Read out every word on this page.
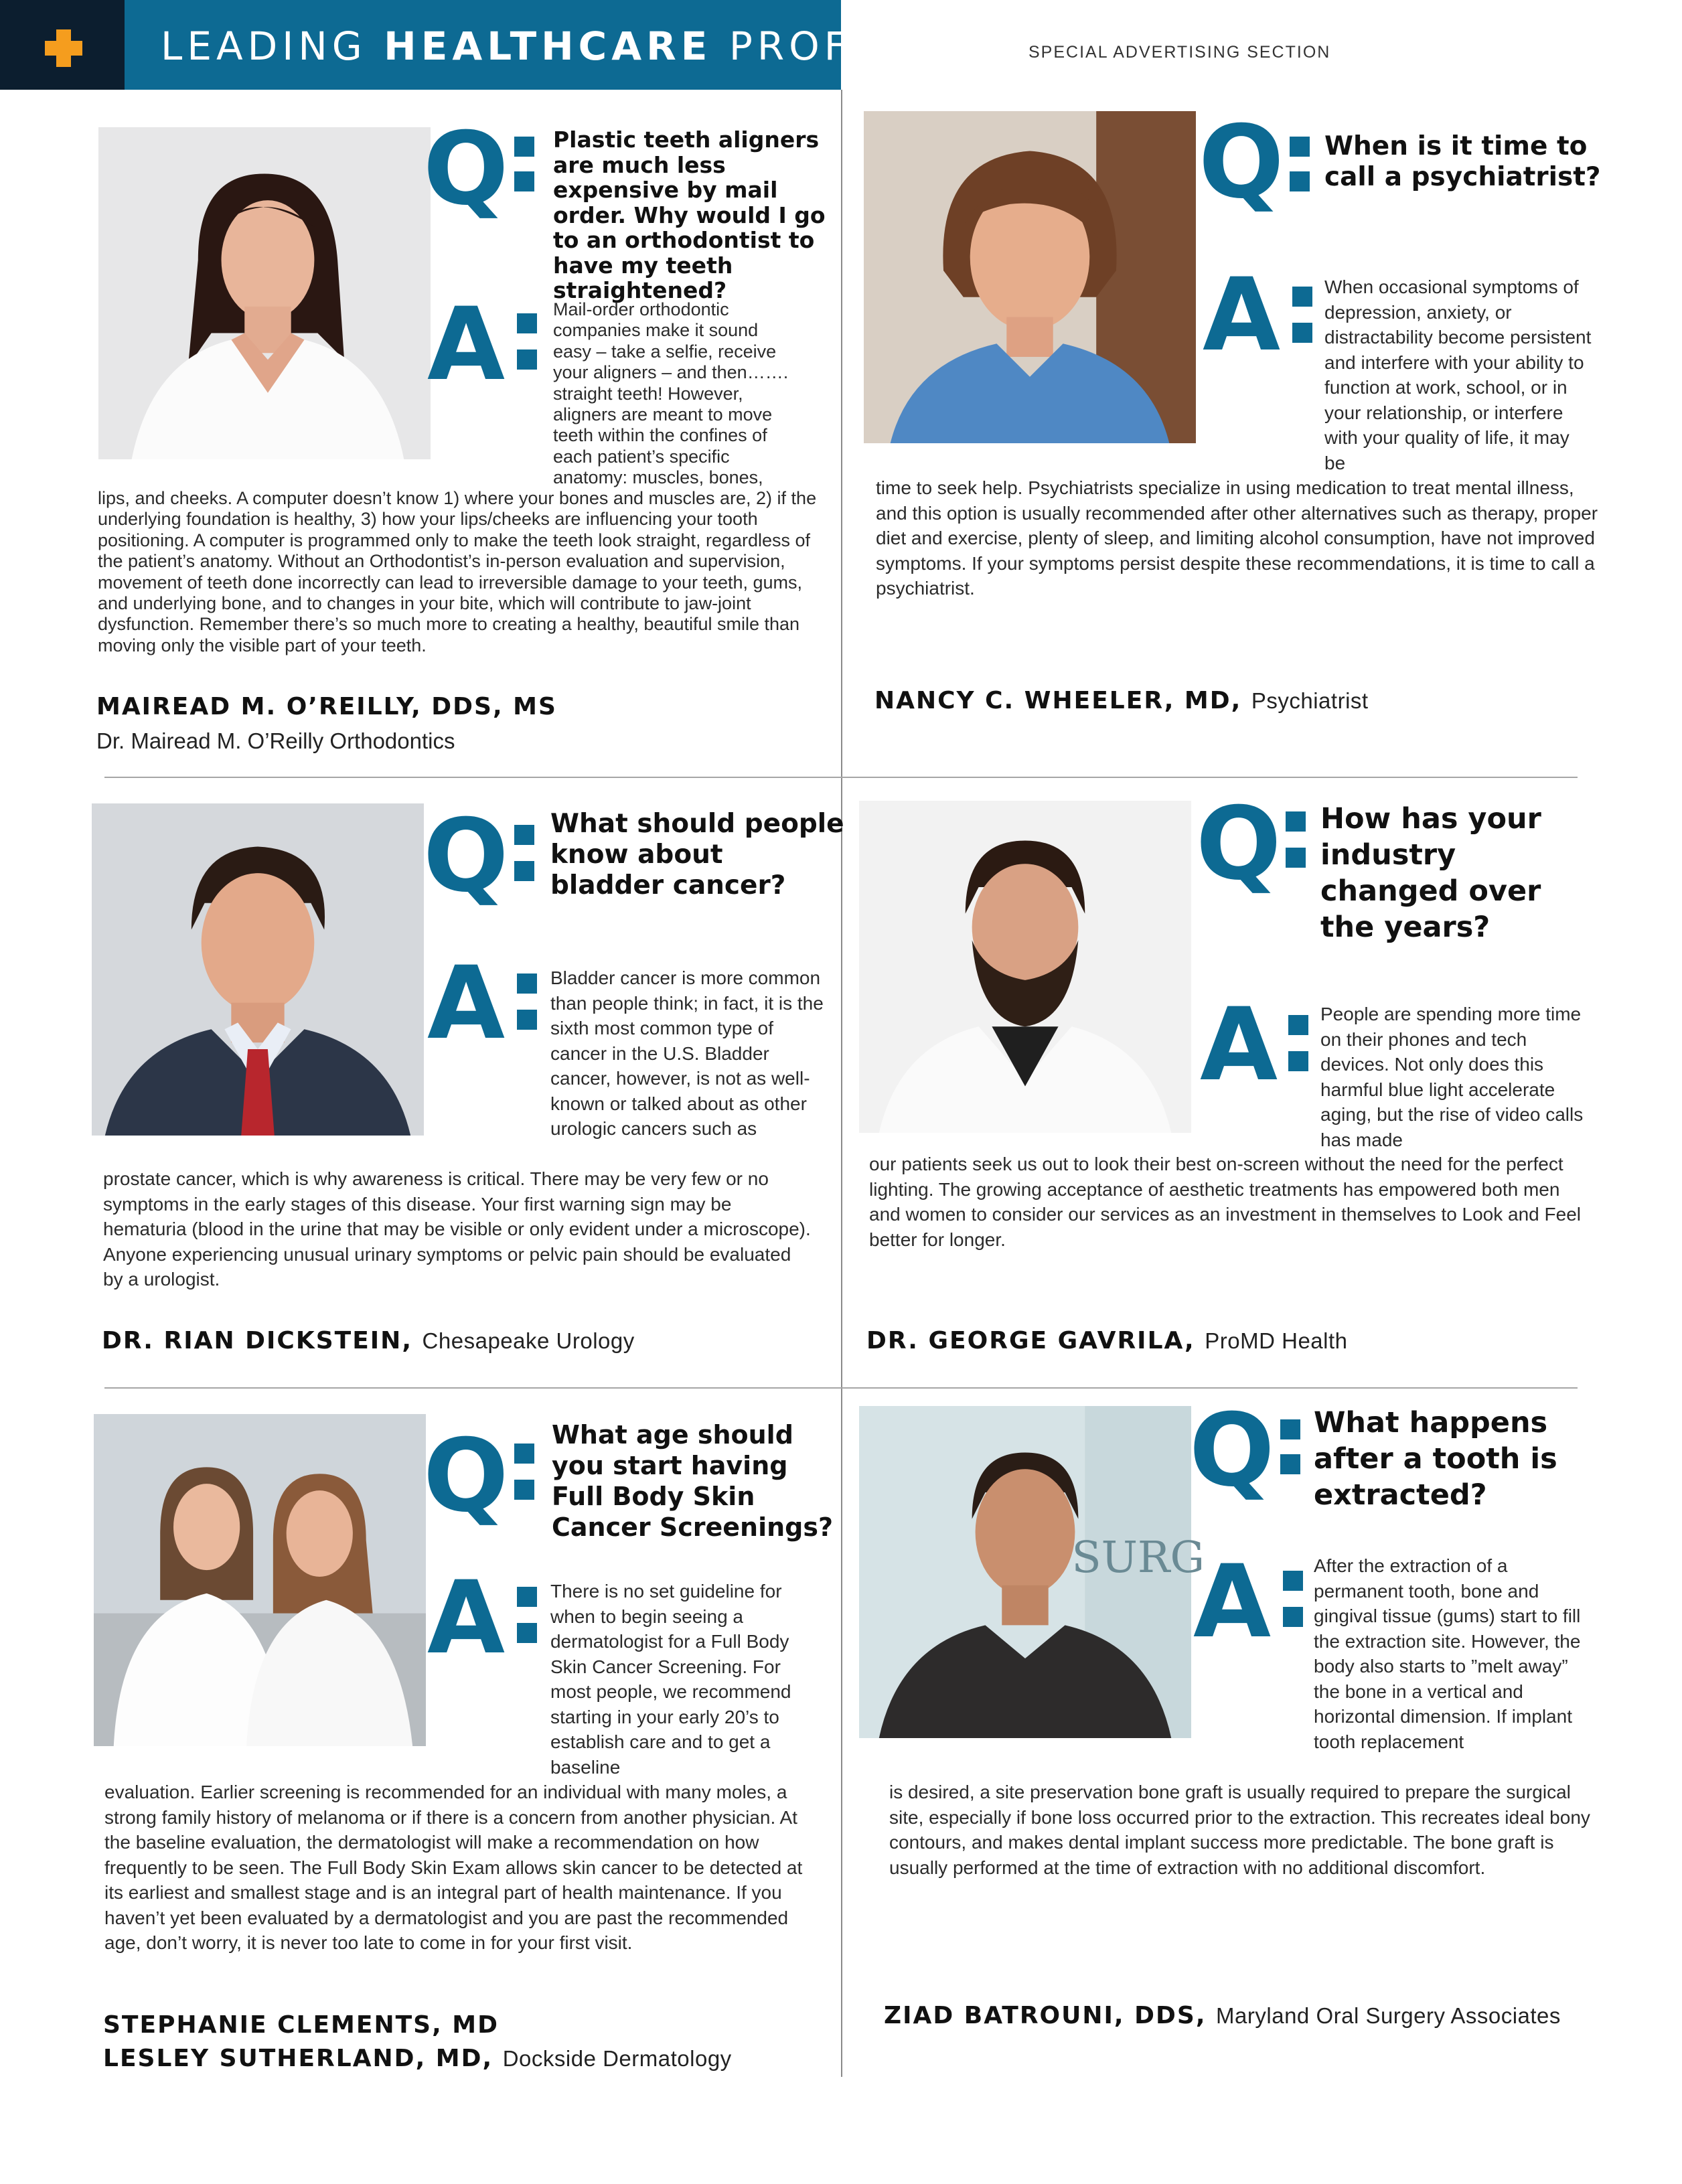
LEADING HEALTHCARE PROFESSIONALS
SPECIAL ADVERTISING SECTION
Q Plastic teeth aligners are much less expensive by mail order. Why would I go to an orthodontist to have my teeth straightened?

A	Mail-order orthodontic companies make it sound easy – take a selfie, receive your aligners – and then……. straight teeth! However, aligners are meant to move teeth within the confines of each patient’s specific anatomy: muscles, bones,

lips, and cheeks. A computer doesn’t know 1) where your bones and muscles are, 2) if the underlying foundation is healthy, 3) how your lips/cheeks are influencing your tooth positioning. A computer is programmed only to make the teeth look straight, regardless of the patient’s anatomy. Without an Orthodontist’s in-person evaluation and supervision, movement of teeth done incorrectly can lead to irreversible damage to your teeth, gums, and underlying bone, and to changes in your bite, which will contribute to jaw-joint dysfunction. Remember there’s so much more to creating a healthy, beautiful smile than moving only the visible part of your teeth.

MAIREAD M. O’REILLY, DDS, MS

Dr. Mairead M. O’Reilly Orthodontics

Q When is it time to call a psychiatrist?

A	When occasional symptoms of depression, anxiety, or distractability become persistent and interfere with your ability to function at work, school, or in your relationship, or interfere with your quality of life, it may be

time to seek help. Psychiatrists specialize in using medication to treat mental illness, and this option is usually recommended after other alternatives such as therapy, proper diet and exercise, plenty of sleep, and limiting alcohol consumption, have not improved symptoms. If your symptoms persist despite these recommendations, it is time to call a psychiatrist.

NANCY C. WHEELER, MD, Psychiatrist

Q What should people know about bladder cancer?

A	Bladder cancer is more common than people think; in fact, it is the sixth most common type of cancer in the U.S. Bladder cancer, however, is not as well-known or talked about as other urologic cancers such as

prostate cancer, which is why awareness is critical. There may be very few or no symptoms in the early stages of this disease. Your first warning sign may be hematuria (blood in the urine that may be visible or only evident under a microscope). Anyone experiencing unusual urinary symptoms or pelvic pain should be evaluated by a urologist.

DR. RIAN DICKSTEIN, Chesapeake Urology

Q How has your industry changed over the years?

A People are spending more time on their phones and tech devices. Not only does this harmful blue light accelerate aging, but the rise of video calls has made

our patients seek us out to look their best on-screen without the need for the perfect lighting. The growing acceptance of aesthetic treatments has empowered both men and women to consider our services as an investment in themselves to Look and Feel better for longer.

DR. GEORGE GAVRILA, ProMD Health

Q What age should you start having Full Body Skin Cancer Screenings?

A	There is no set guideline for when to begin seeing a dermatologist for a Full Body Skin Cancer Screening. For most people, we recommend starting in your early 20’s to establish care and to get a baseline

evaluation. Earlier screening is recommended for an individual with many moles, a strong family history of melanoma or if there is a concern from another physician. At the baseline evaluation, the dermatologist will make a recommendation on how frequently to be seen. The Full Body Skin Exam allows skin cancer to be detected at its earliest and smallest stage and is an integral part of health maintenance. If you haven’t yet been evaluated by a dermatologist and you are past the recommended age, don’t worry, it is never too late to come in for your first visit.

STEPHANIE CLEMENTS, MD

LESLEY SUTHERLAND, MD, Dockside Dermatology

SURG
Q What happens after a tooth is extracted?

A After the extraction of a permanent tooth, bone and gingival tissue (gums) start to fill the extraction site. However, the body also starts to ”melt away” the bone in a vertical and horizontal dimension. If implant tooth replacement

is desired, a site preservation bone graft is usually required to prepare the surgical site, especially if bone loss occurred prior to the extraction. This recreates ideal bony contours, and makes dental implant success more predictable. The bone graft is usually performed at the time of extraction with no additional discomfort.

ZIAD BATROUNI, DDS, Maryland Oral Surgery Associates
